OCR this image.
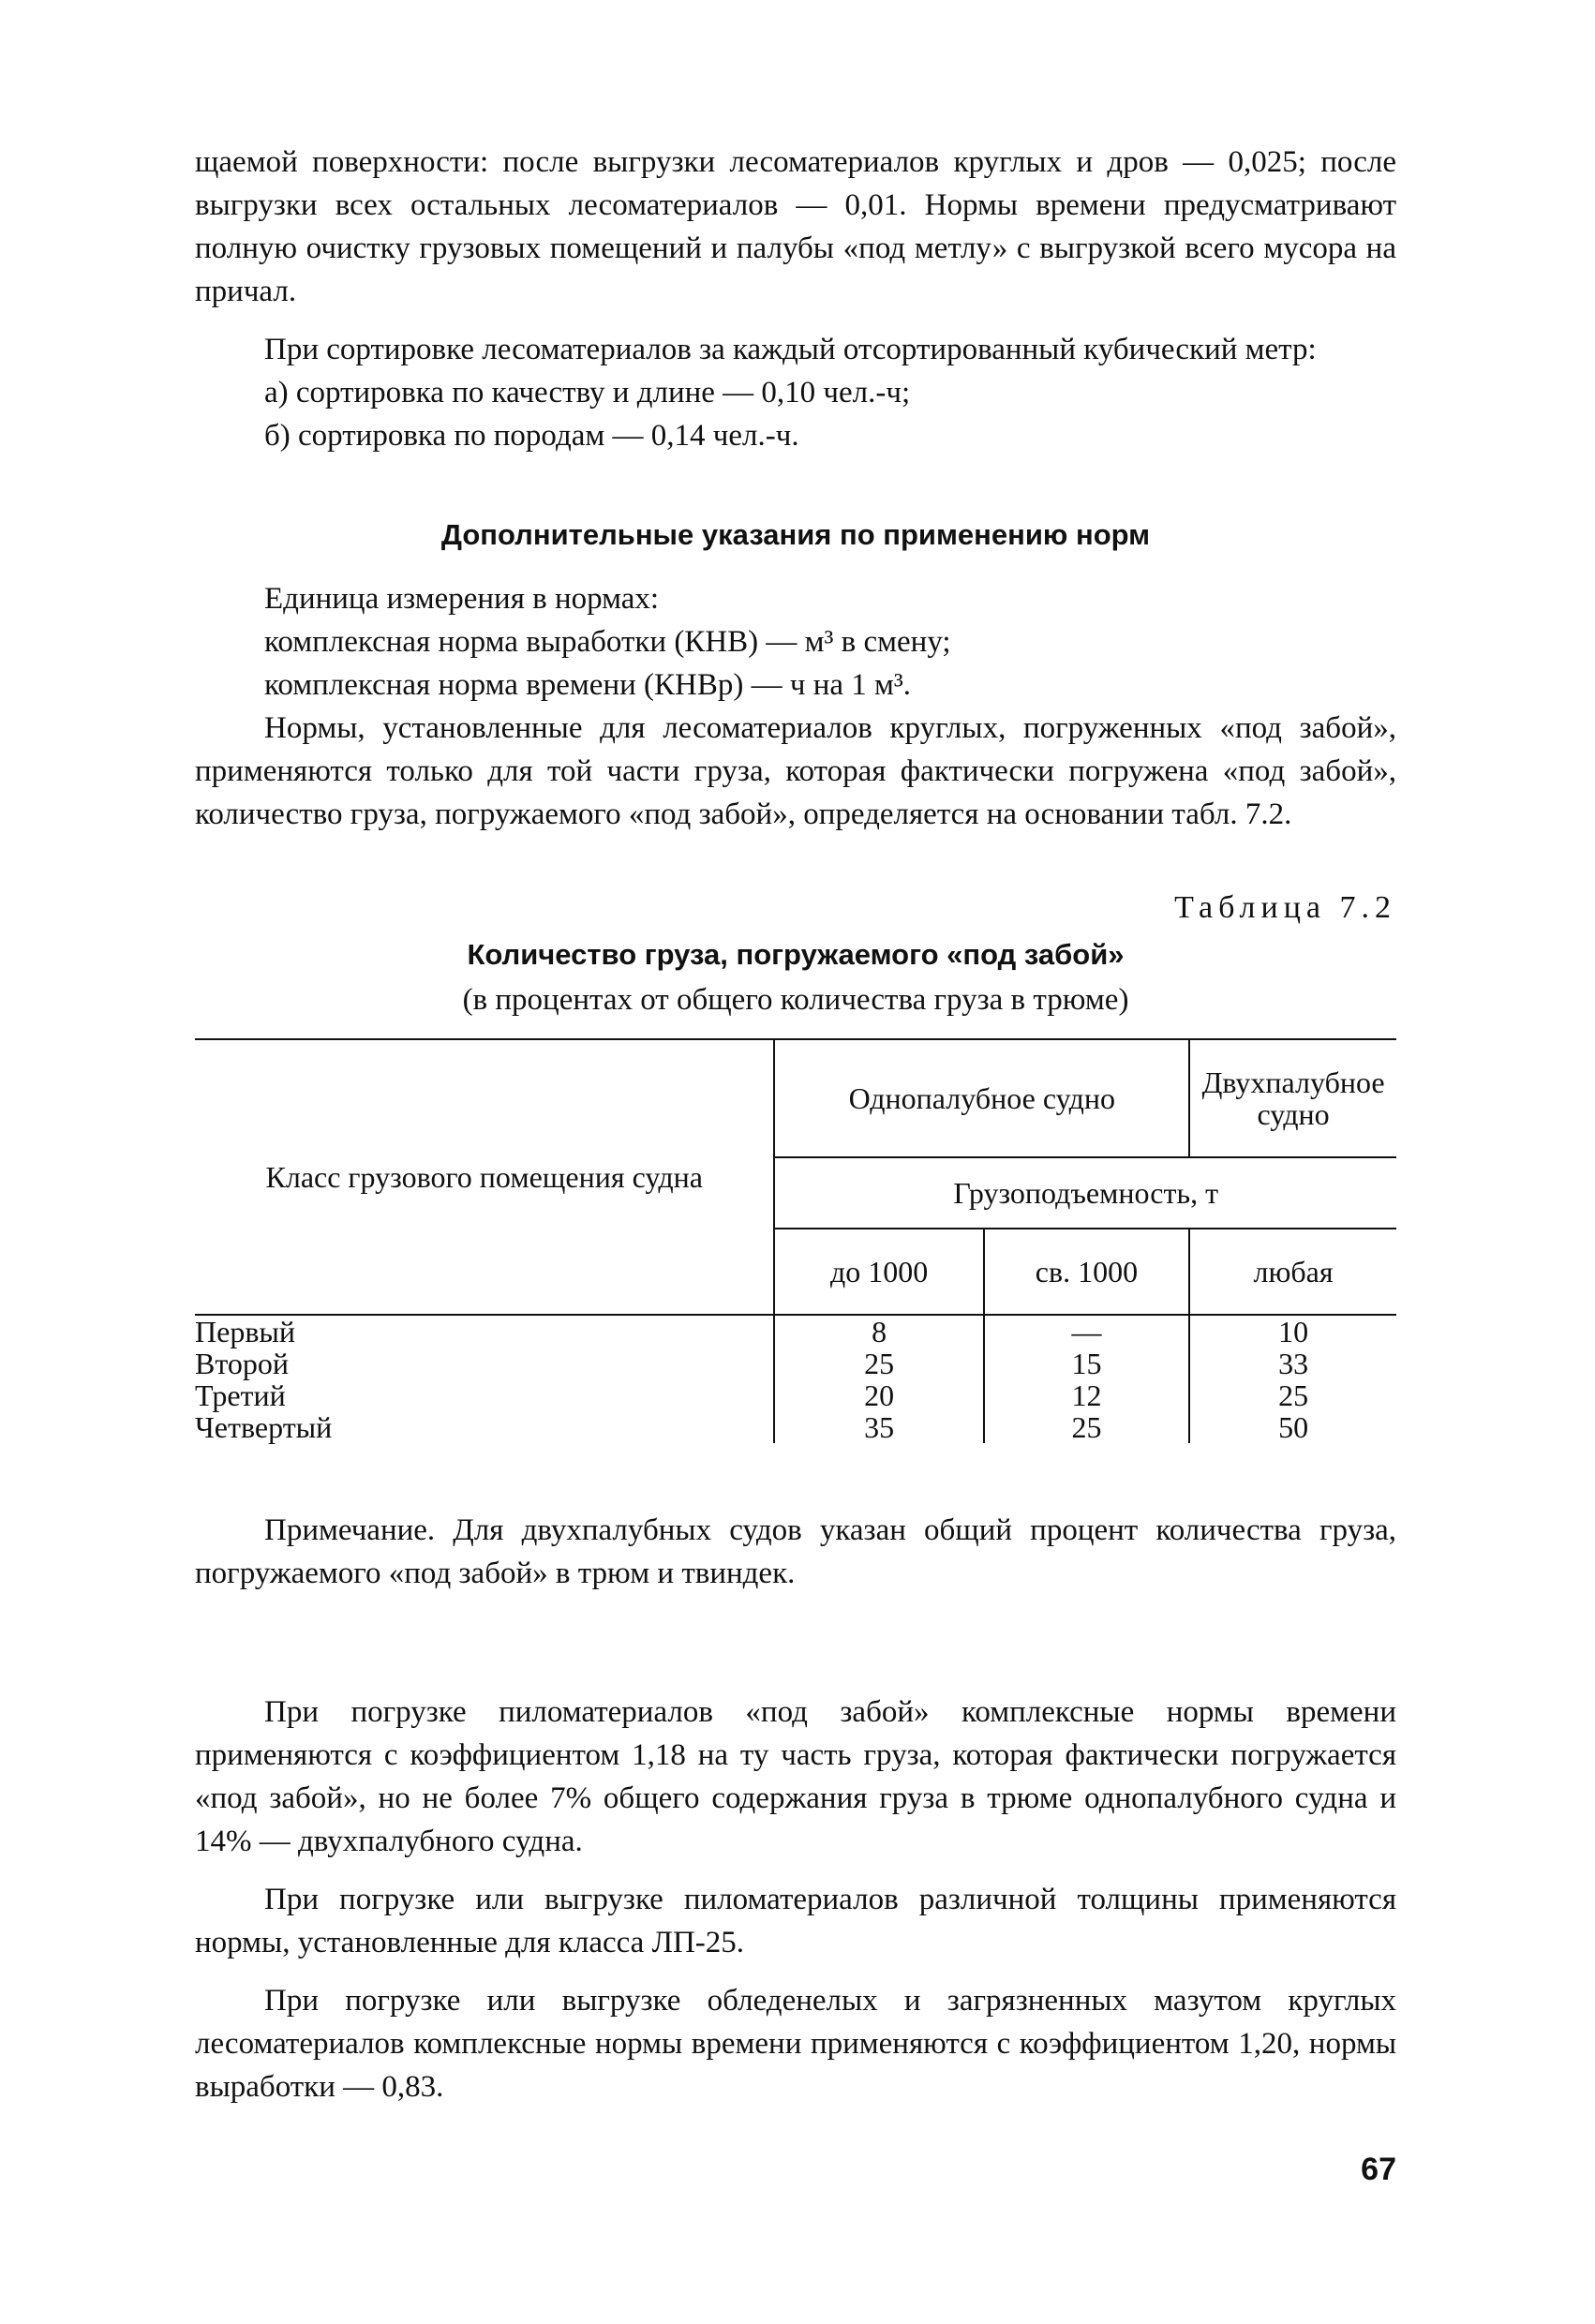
щаемой поверхности: после выгрузки лесоматериалов круглых и дров — 0,025; после выгрузки всех остальных лесоматериалов — 0,01. Нормы времени предусматривают полную очистку грузовых помещений и палубы «под метлу» с выгрузкой всего мусора на причал.

При сортировке лесоматериалов за каждый отсортированный кубический метр:

а) сортировка по качеству и длине — 0,10 чел.-ч;

б) сортировка по породам — 0,14 чел.-ч.

Дополнительные указания по применению норм

Единица измерения в нормах:

комплексная норма выработки (КНВ) — м³ в смену;

комплексная норма времени (КНВр) — ч на 1 м³.

Нормы, установленные для лесоматериалов круглых, погруженных «под забой», применяются только для той части груза, которая фактически погружена «под забой», количество груза, погружаемого «под забой», определяется на основании табл. 7.2.

Таблица 7.2
Количество груза, погружаемого «под забой»
(в процентах от общего количества груза в трюме)
Класс грузового помещения судна	Однопалубное судно		Двухпалубное судно
	Грузоподъемность, т		
	до 1000	св. 1000	любая
Первый	8	—	10
Второй	25	15	33
Третий	20	12	25
Четвертый	35	25	50

Примечание. Для двухпалубных судов указан общий процент количества груза, погружаемого «под забой» в трюм и твиндек.

При погрузке пиломатериалов «под забой» комплексные нормы времени применяются с коэффициентом 1,18 на ту часть груза, которая фактически погружается «под забой», но не более 7% общего содержания груза в трюме однопалубного судна и 14% — двухпалубного судна.

При погрузке или выгрузке пиломатериалов различной толщины применяются нормы, установленные для класса ЛП-25.

При погрузке или выгрузке обледенелых и загрязненных мазутом круглых лесоматериалов комплексные нормы времени применяются с коэффициентом 1,20, нормы выработки — 0,83.

67
